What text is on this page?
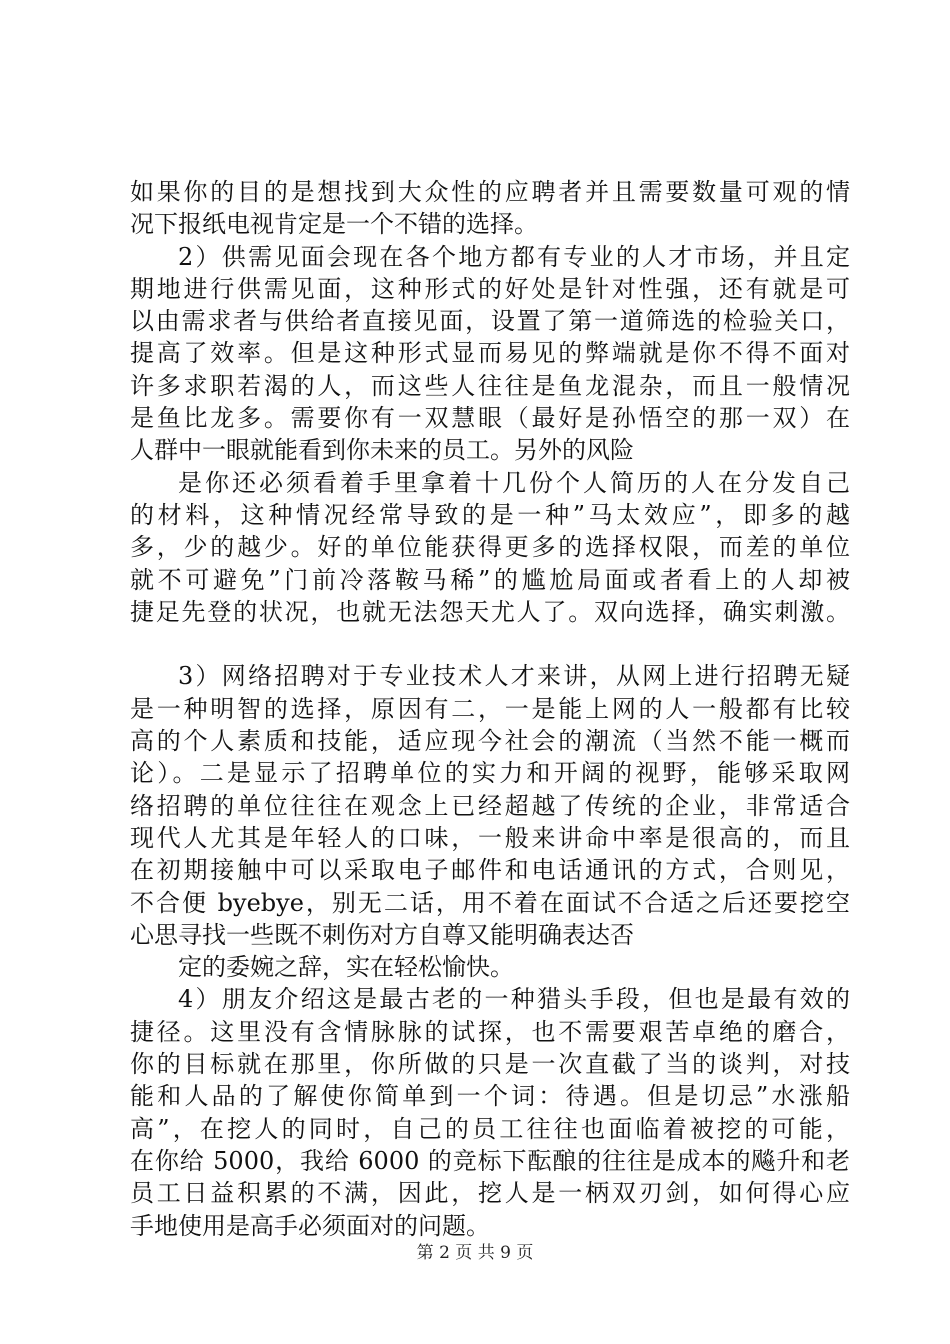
如果你的目的是想找到大众性的应聘者并且需要数量可观的情
况下报纸电视肯定是一个不错的选择。
2）供需见面会现在各个地方都有专业的人才市场，并且定
期地进行供需见面，这种形式的好处是针对性强，还有就是可
以由需求者与供给者直接见面，设置了第一道筛选的检验关口，
提高了效率。但是这种形式显而易见的弊端就是你不得不面对
许多求职若渴的人，而这些人往往是鱼龙混杂，而且一般情况
是鱼比龙多。需要你有一双慧眼（最好是孙悟空的那一双）在
人群中一眼就能看到你未来的员工。另外的风险
是你还必须看着手里拿着十几份个人简历的人在分发自己
的材料，这种情况经常导致的是一种”马太效应”，即多的越
多，少的越少。好的单位能获得更多的选择权限，而差的单位
就不可避免”门前冷落鞍马稀”的尴尬局面或者看上的人却被
捷足先登的状况，也就无法怨天尤人了。双向选择，确实刺激。
3）网络招聘对于专业技术人才来讲，从网上进行招聘无疑
是一种明智的选择，原因有二，一是能上网的人一般都有比较
高的个人素质和技能，适应现今社会的潮流（当然不能一概而
论）。二是显示了招聘单位的实力和开阔的视野，能够采取网
络招聘的单位往往在观念上已经超越了传统的企业，非常适合
现代人尤其是年轻人的口味，一般来讲命中率是很高的，而且
在初期接触中可以采取电子邮件和电话通讯的方式，合则见，
不合便 byebye，别无二话，用不着在面试不合适之后还要挖空
心思寻找一些既不刺伤对方自尊又能明确表达否
定的委婉之辞，实在轻松愉快。
4）朋友介绍这是最古老的一种猎头手段，但也是最有效的
捷径。这里没有含情脉脉的试探，也不需要艰苦卓绝的磨合，
你的目标就在那里，你所做的只是一次直截了当的谈判，对技
能和人品的了解使你简单到一个词：待遇。但是切忌”水涨船
高”，在挖人的同时，自己的员工往往也面临着被挖的可能，
在你给 5000，我给 6000 的竞标下酝酿的往往是成本的飚升和老
员工日益积累的不满，因此，挖人是一柄双刃剑，如何得心应
手地使用是高手必须面对的问题。
第 2 页 共 9 页
